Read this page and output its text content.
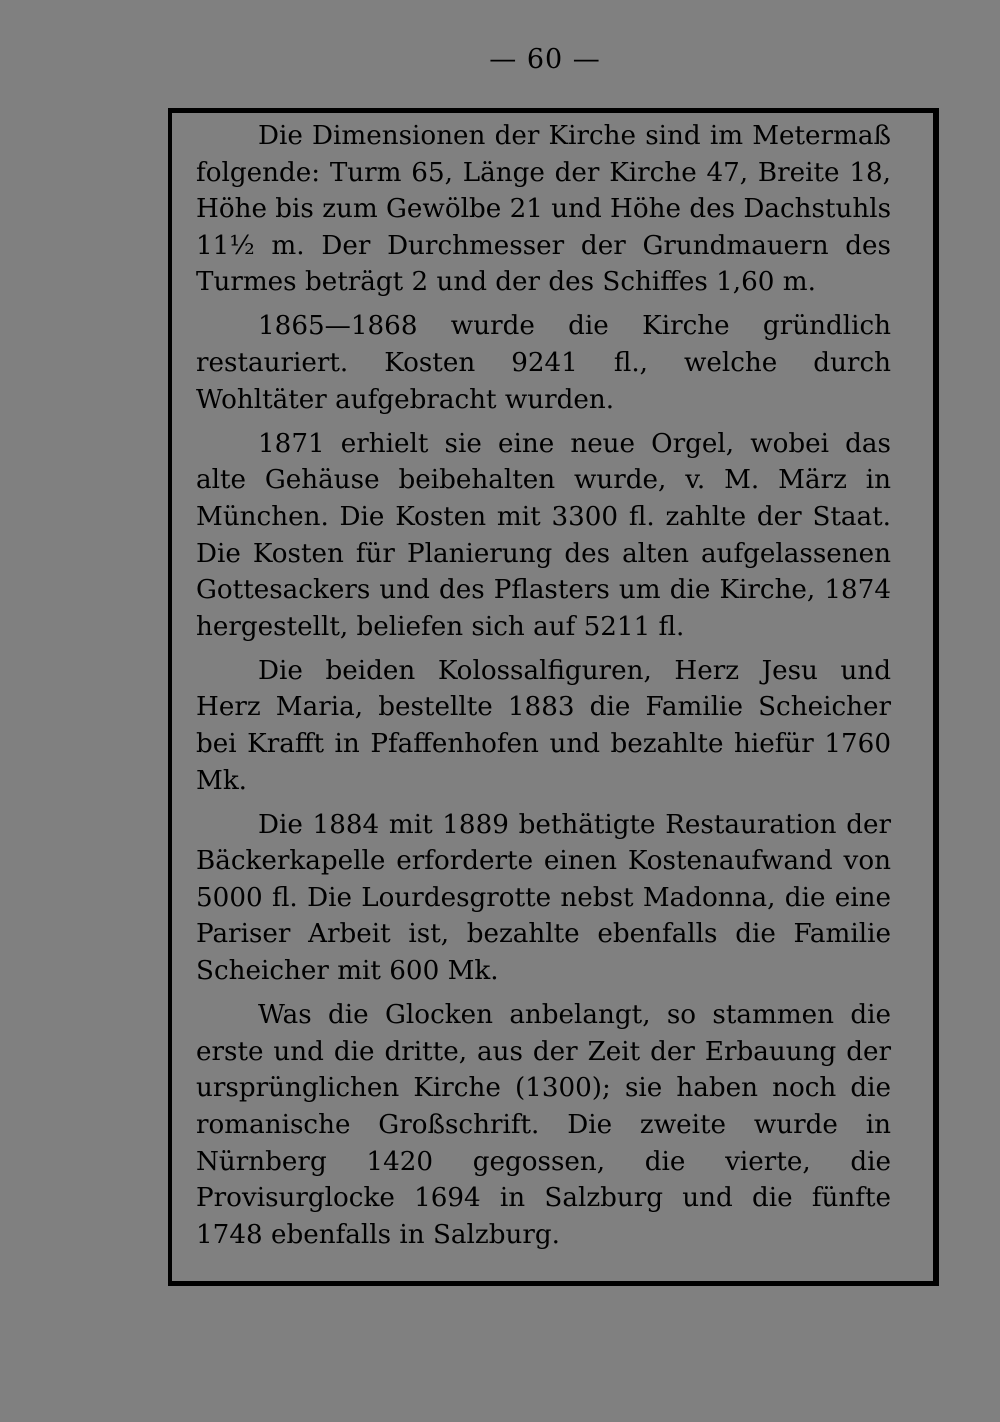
— 60 —

Die Dimensionen der Kirche sind im Metermaß folgende: Turm 65, Länge der Kirche 47, Breite 18, Höhe bis zum Gewölbe 21 und Höhe des Dachstuhls 11½ m. Der Durchmesser der Grundmauern des Turmes beträgt 2 und der des Schiffes 1,60 m.

1865—1868 wurde die Kirche gründlich restauriert. Kosten 9241 fl., welche durch Wohltäter aufgebracht wurden.

1871 erhielt sie eine neue Orgel, wobei das alte Gehäuse beibehalten wurde, v. M. März in München. Die Kosten mit 3300 fl. zahlte der Staat. Die Kosten für Planierung des alten aufgelassenen Gottesackers und des Pflasters um die Kirche, 1874 hergestellt, beliefen sich auf 5211 fl.

Die beiden Kolossalfiguren, Herz Jesu und Herz Maria, bestellte 1883 die Familie Scheicher bei Krafft in Pfaffenhofen und bezahlte hiefür 1760 Mk.

Die 1884 mit 1889 bethätigte Restauration der Bäckerkapelle erforderte einen Kostenaufwand von 5000 fl. Die Lourdesgrotte nebst Madonna, die eine Pariser Arbeit ist, bezahlte ebenfalls die Familie Scheicher mit 600 Mk.

Was die Glocken anbelangt, so stammen die erste und die dritte, aus der Zeit der Erbauung der ursprünglichen Kirche (1300); sie haben noch die romanische Großschrift. Die zweite wurde in Nürnberg 1420 gegossen, die vierte, die Provisurglocke 1694 in Salzburg und die fünfte 1748 ebenfalls in Salzburg.
